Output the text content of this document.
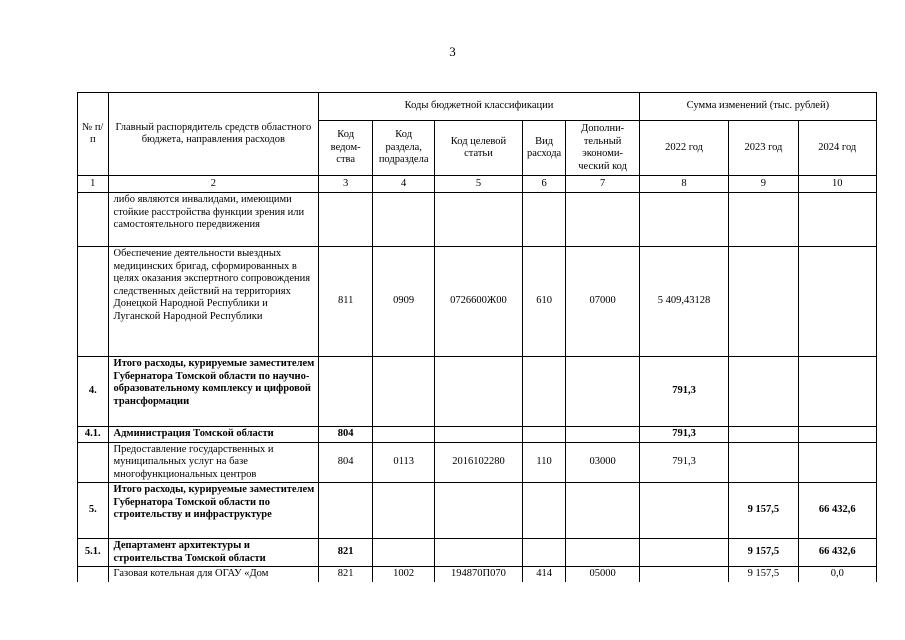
3
№ п/п	Главный распорядитель средств областного бюджета, направления расходов	Коды бюджетной классификации					Сумма изменений (тыс. рублей)		
		Код ведом-ства	Код раздела, подраздела	Код целевой статьи	Вид расхода	Дополни-тельный экономи-ческий код	2022 год	2023 год	2024 год
1	2	3	4	5	6	7	8	9	10
	либо являются инвалидами, имеющими стойкие расстройства функции зрения или самостоятельного передвижения								
	Обеспечение деятельности выездных медицинских бригад, сформированных в целях оказания экспертного сопровождения следственных действий на территориях Донецкой Народной Республики и Луганской Народной Республики	811	0909	0726600Ж00	610	07000	5 409,43128		
4.	Итого расходы, курируемые заместителем Губернатора Томской области по научно-образовательному комплексу и цифровой трансформации						791,3		
4.1.	Администрация Томской области	804					791,3		
	Предоставление государственных и муниципальных услуг на базе многофункциональных центров	804	0113	2016102280	110	03000	791,3		
5.	Итого расходы, курируемые заместителем Губернатора Томской области по строительству и инфраструктуре							9 157,5	66 432,6
5.1.	Департамент архитектуры и строительства Томской области	821						9 157,5	66 432,6
	Газовая котельная для ОГАУ «Дом	821	1002	194870П070	414	05000		9 157,5	0,0
